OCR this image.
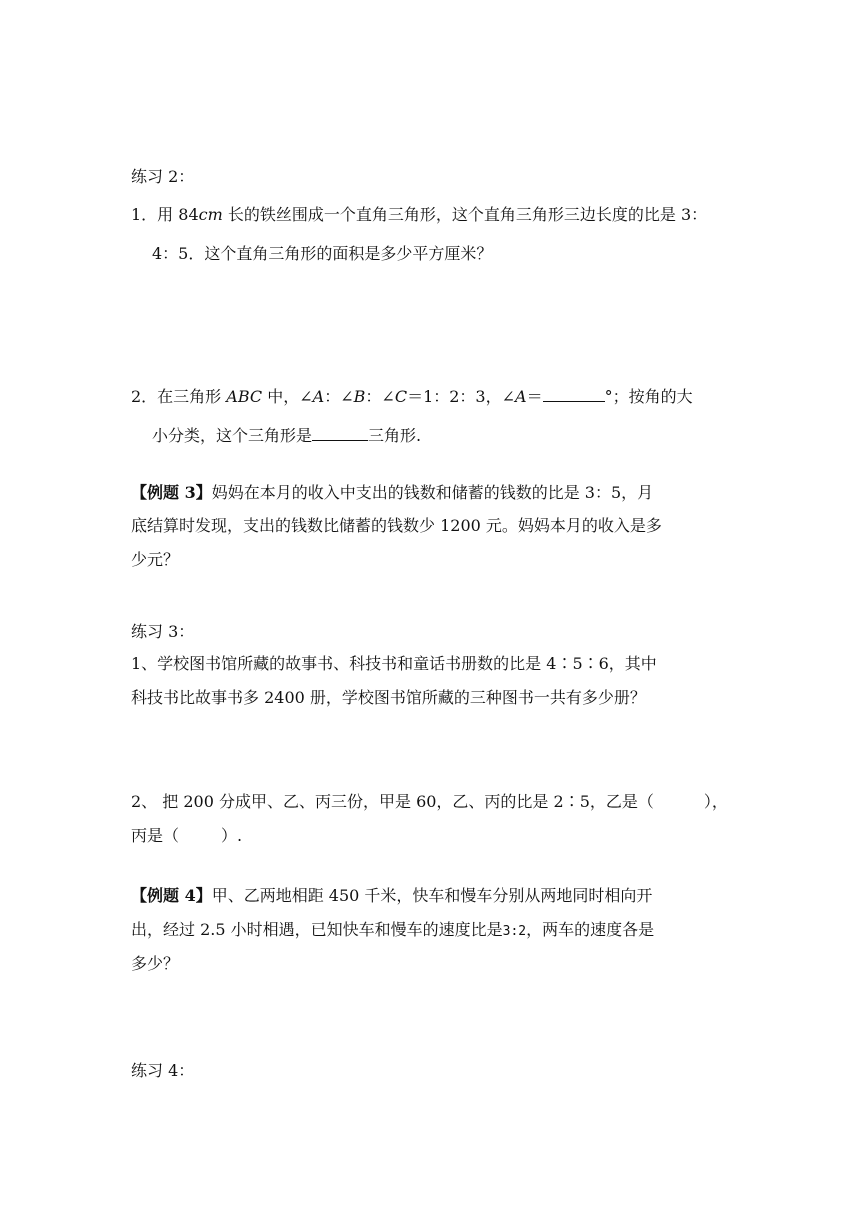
练习 2：
1．用 84cm 长的铁丝围成一个直角三角形，这个直角三角形三边长度的比是 3：
4：5．这个直角三角形的面积是多少平方厘米？
2．在三角形 ABC 中，∠A：∠B：∠C＝1：2：3，∠A＝	°；按角的大
小分类，这个三角形是	三角形.
【例题 3】妈妈在本月的收入中支出的钱数和储蓄的钱数的比是 3：5，月
底结算时发现，支出的钱数比储蓄的钱数少 1200 元。妈妈本月的收入是多
少元？
练习 3：
1、学校图书馆所藏的故事书、科技书和童话书册数的比是 4∶5∶6，其中
科技书比故事书多 2400 册，学校图书馆所藏的三种图书一共有多少册？
2、 把 200 分成甲、乙、丙三份，甲是 60，乙、丙的比是 2∶5，乙是（	），
丙是（	）.
【例题 4】甲、乙两地相距 450 千米，快车和慢车分别从两地同时相向开
出，经过 2.5 小时相遇，已知快车和慢车的速度比是3:2，两车的速度各是
多少？
练习 4：
